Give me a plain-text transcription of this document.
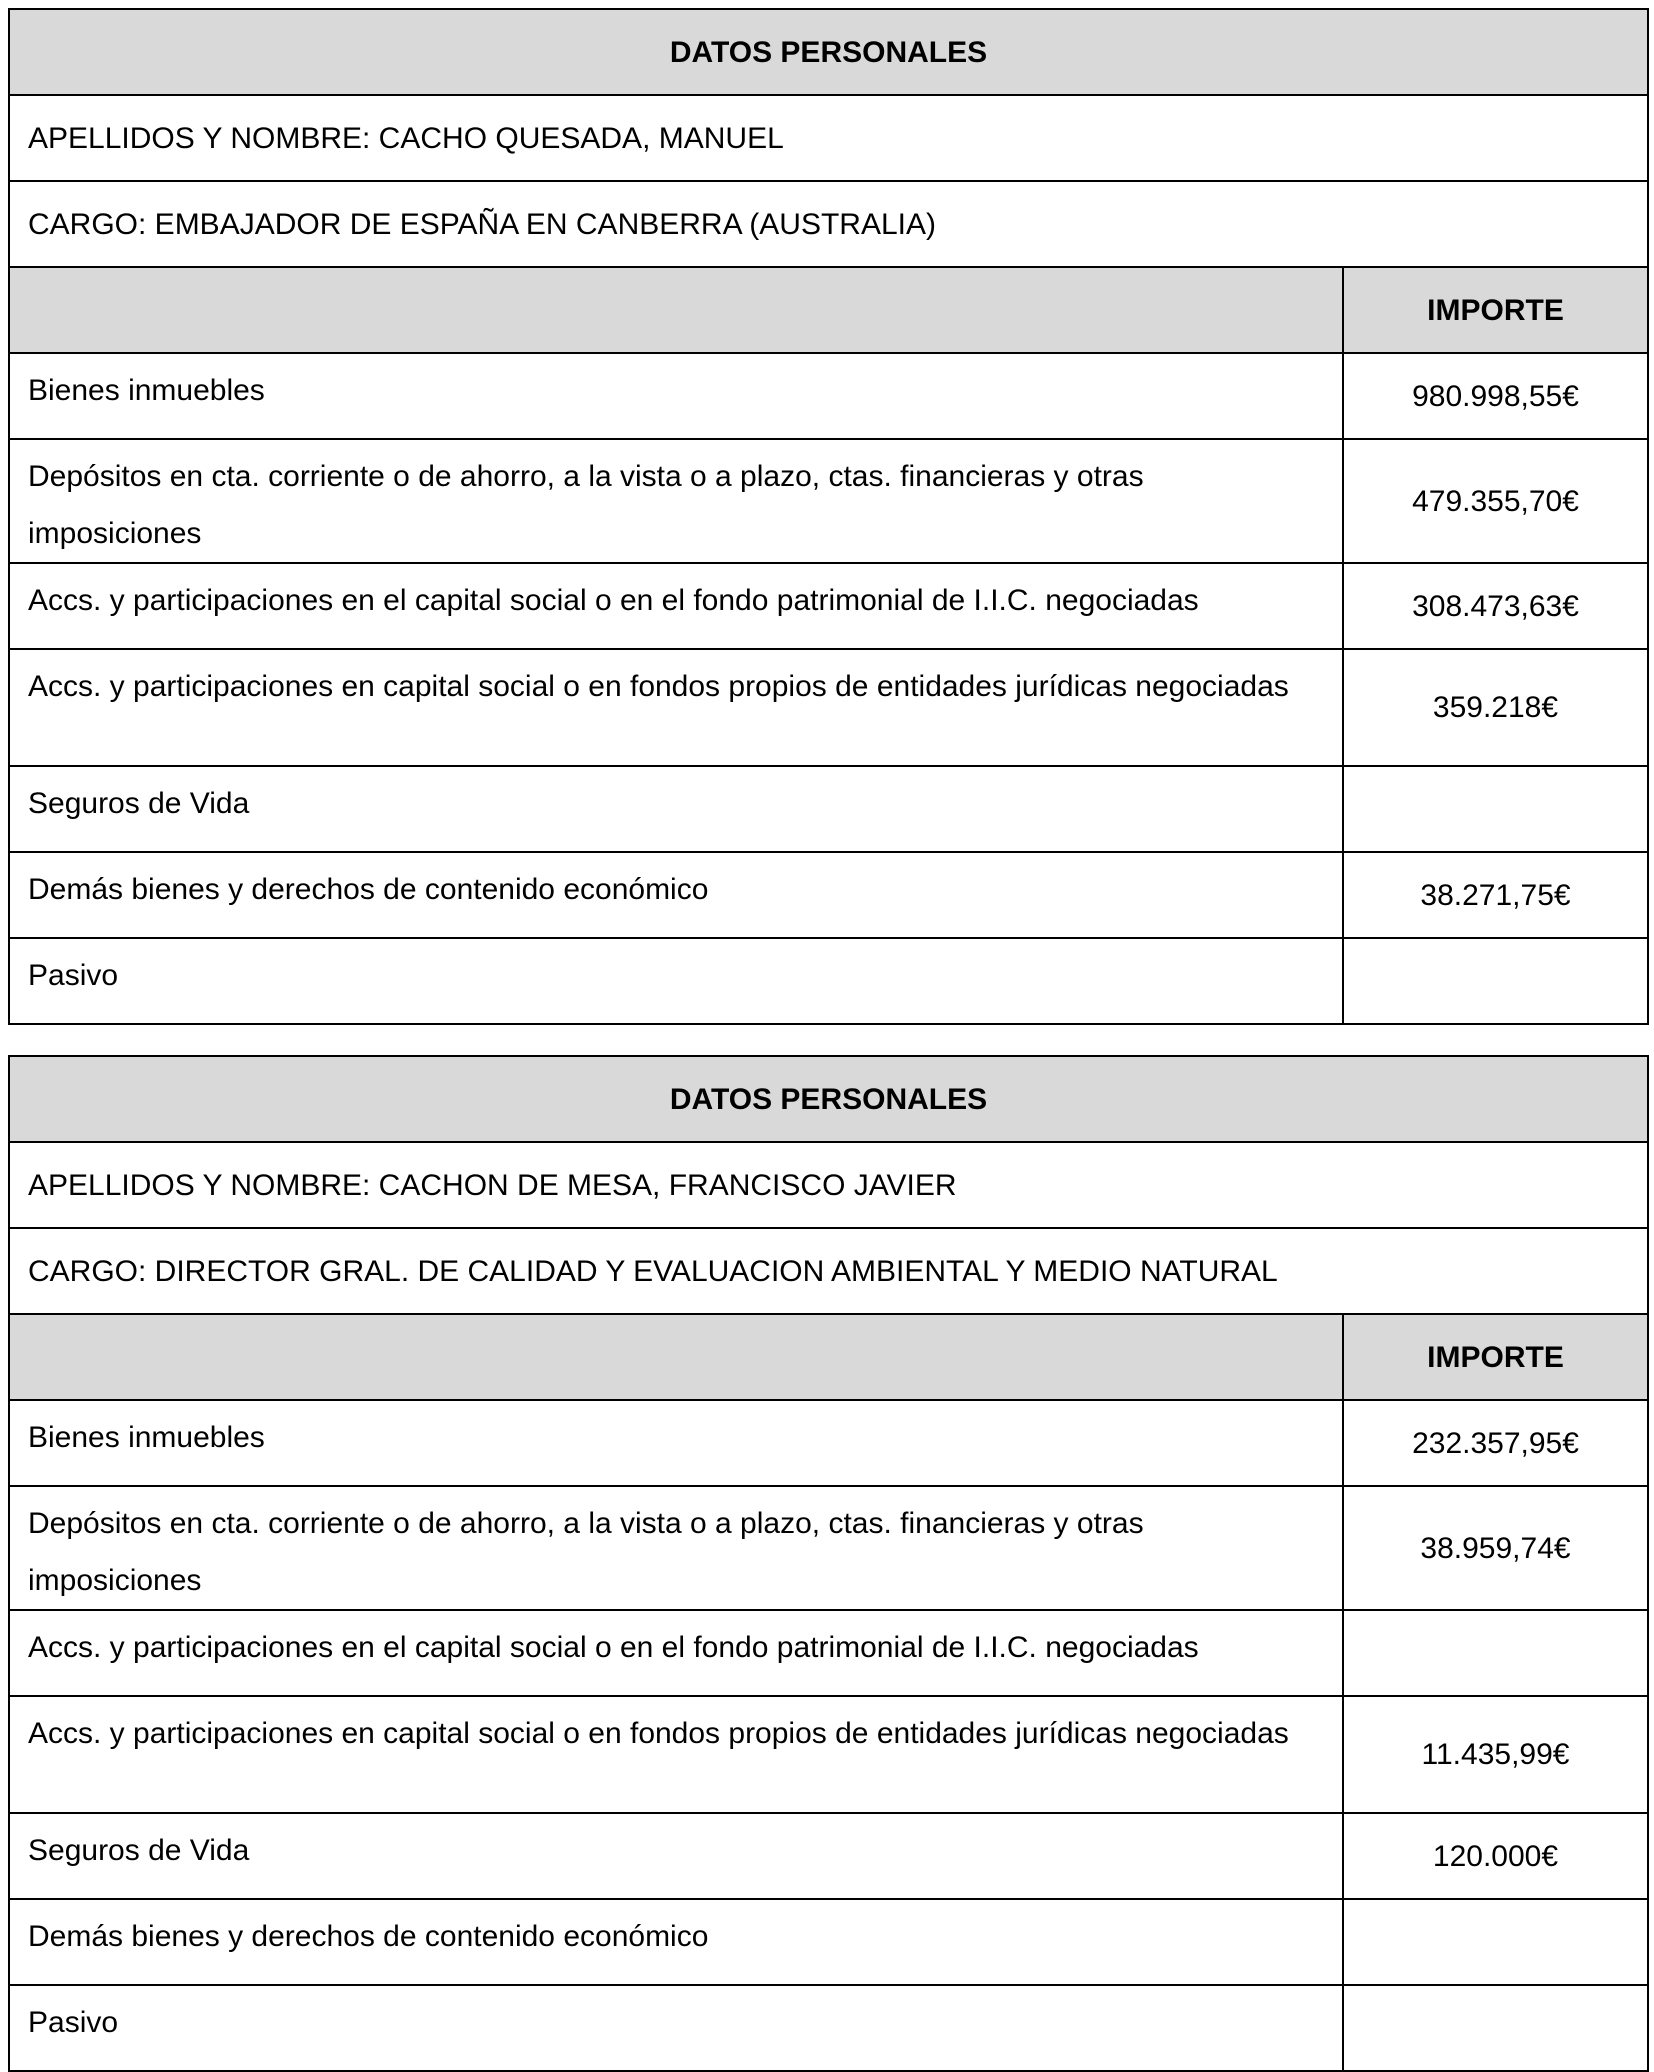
DATOS PERSONALES	
APELLIDOS Y NOMBRE: CACHO QUESADA, MANUEL	
CARGO: EMBAJADOR DE ESPAÑA EN CANBERRA (AUSTRALIA)	
	IMPORTE
Bienes inmuebles	980.998,55€
Depósitos en cta. corriente o de ahorro, a la vista o a plazo, ctas. financieras y otras imposiciones	479.355,70€
Accs. y participaciones en el capital social o en el fondo patrimonial de I.I.C. negociadas	308.473,63€
Accs. y participaciones en capital social o en fondos propios de entidades jurídicas negociadas	359.218€
Seguros de Vida	
Demás bienes y derechos de contenido económico	38.271,75€
Pasivo	
DATOS PERSONALES	
APELLIDOS Y NOMBRE: CACHON DE MESA, FRANCISCO JAVIER	
CARGO: DIRECTOR GRAL. DE CALIDAD Y EVALUACION AMBIENTAL Y MEDIO NATURAL	
	IMPORTE
Bienes inmuebles	232.357,95€
Depósitos en cta. corriente o de ahorro, a la vista o a plazo, ctas. financieras y otras imposiciones	38.959,74€
Accs. y participaciones en el capital social o en el fondo patrimonial de I.I.C. negociadas	
Accs. y participaciones en capital social o en fondos propios de entidades jurídicas negociadas	11.435,99€
Seguros de Vida	120.000€
Demás bienes y derechos de contenido económico	
Pasivo	
